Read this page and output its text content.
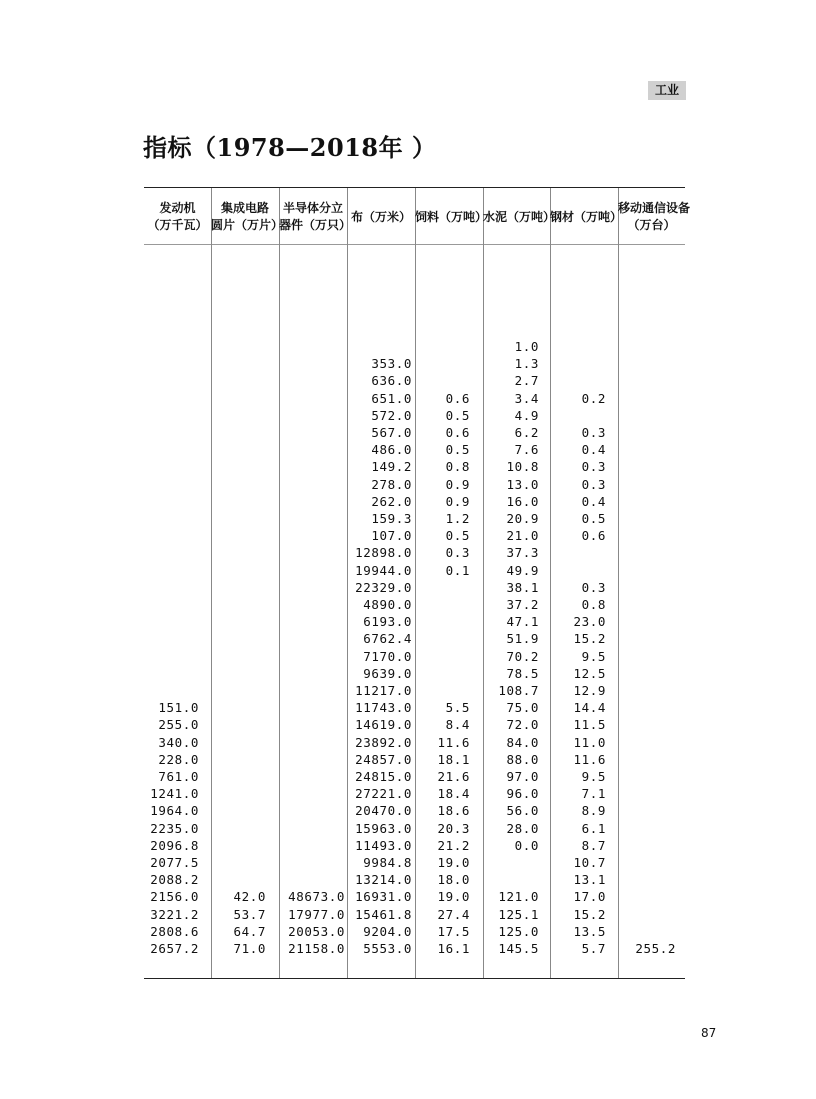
工业
指标（1978—2018年 ）
发动机
（万千瓦）
集成电路
圆片（万片）
半导体分立
器件（万只）
布（万米） 饲料（万吨）
水泥（万吨）
钢材（万吨）
移动通信设备
（万台）
151.0
255.0
340.0
228.0
761.0
1241.0
1964.0
2235.0
2096.8
2077.5
2088.2
2156.0
3221.2
2808.6
2657.2
42.0
53.7
64.7
71.0
48673.0
17977.0
20053.0
21158.0
353.0
636.0
651.0
572.0
567.0
486.0
149.2
278.0
262.0
159.3
107.0
12898.0
19944.0
22329.0
4890.0
6193.0
6762.4
7170.0
9639.0
11217.0
11743.0
14619.0
23892.0
24857.0
24815.0
27221.0
20470.0
15963.0
11493.0
9984.8
13214.0
16931.0
15461.8
9204.0
5553.0
0.6
0.5
0.6
0.5
0.8
0.9
0.9
1.2
0.5
0.3
0.1
5.5
8.4
11.6
18.1
21.6
18.4
18.6
20.3
21.2
19.0
18.0
19.0
27.4
17.5
16.1
1.0
1.3
2.7
3.4
4.9
6.2
7.6
10.8
13.0
16.0
20.9
21.0
37.3
49.9
38.1
37.2
47.1
51.9
70.2
78.5
108.7
75.0
72.0
84.0
88.0
97.0
96.0
56.0
28.0
0.0
121.0
125.1
125.0
145.5
0.2
0.3
0.4
0.3
0.3
0.4
0.5
0.6
0.3
0.8
23.0
15.2
9.5
12.5
12.9
14.4
11.5
11.0
11.6
9.5
7.1
8.9
6.1
8.7
10.7
13.1
17.0
15.2
13.5
5.7 255.2
87
